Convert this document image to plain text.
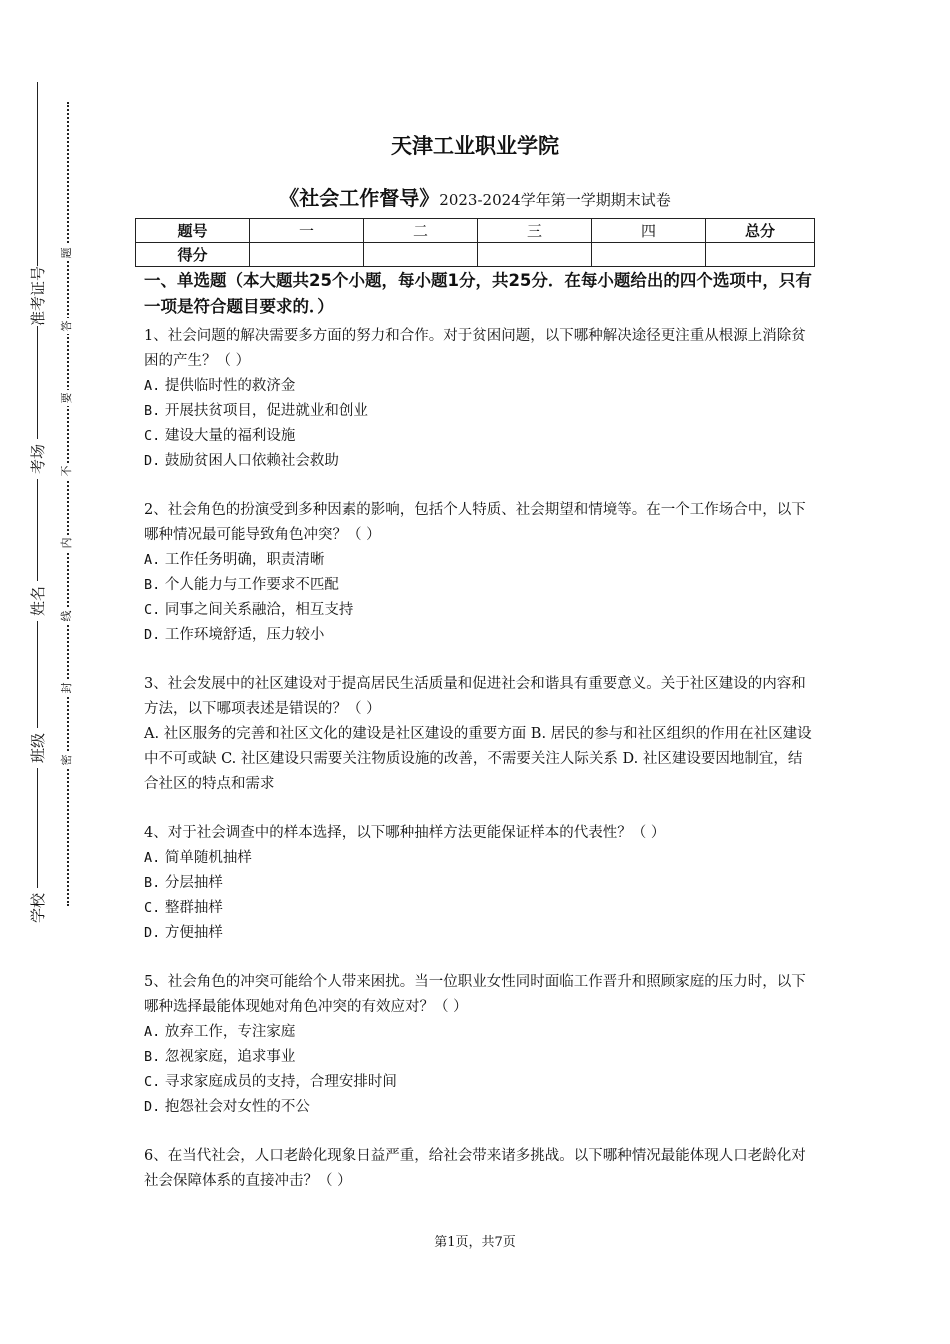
准考证号
考场
姓名
班级
学校
题
答
要
不
内
线
封
密
天津工业职业学院
《社会工作督导》2023-2024学年第一学期期末试卷
题号	一	二	三	四	总分
得分					
一、单选题（本大题共25个小题，每小题1分，共25分．在每小题给出的四个选项中，只有一项是符合题目要求的．）
1、社会问题的解决需要多方面的努力和合作。对于贫困问题，以下哪种解决途径更注重从根源上消除贫困的产生？（ ）
A. 提供临时性的救济金
B. 开展扶贫项目，促进就业和创业
C. 建设大量的福利设施
D. 鼓励贫困人口依赖社会救助
2、社会角色的扮演受到多种因素的影响，包括个人特质、社会期望和情境等。在一个工作场合中，以下哪种情况最可能导致角色冲突？（ ）
A. 工作任务明确，职责清晰
B. 个人能力与工作要求不匹配
C. 同事之间关系融洽，相互支持
D. 工作环境舒适，压力较小
3、社会发展中的社区建设对于提高居民生活质量和促进社会和谐具有重要意义。关于社区建设的内容和方法，以下哪项表述是错误的？（ ）
A. 社区服务的完善和社区文化的建设是社区建设的重要方面 B. 居民的参与和社区组织的作用在社区建设中不可或缺 C. 社区建设只需要关注物质设施的改善，不需要关注人际关系 D. 社区建设要因地制宜，结合社区的特点和需求
4、对于社会调查中的样本选择，以下哪种抽样方法更能保证样本的代表性？（ ）
A. 简单随机抽样
B. 分层抽样
C. 整群抽样
D. 方便抽样
5、社会角色的冲突可能给个人带来困扰。当一位职业女性同时面临工作晋升和照顾家庭的压力时，以下哪种选择最能体现她对角色冲突的有效应对？（ ）
A. 放弃工作，专注家庭
B. 忽视家庭，追求事业
C. 寻求家庭成员的支持，合理安排时间
D. 抱怨社会对女性的不公
6、在当代社会，人口老龄化现象日益严重，给社会带来诸多挑战。以下哪种情况最能体现人口老龄化对社会保障体系的直接冲击？（ ）
第1页，共7页
